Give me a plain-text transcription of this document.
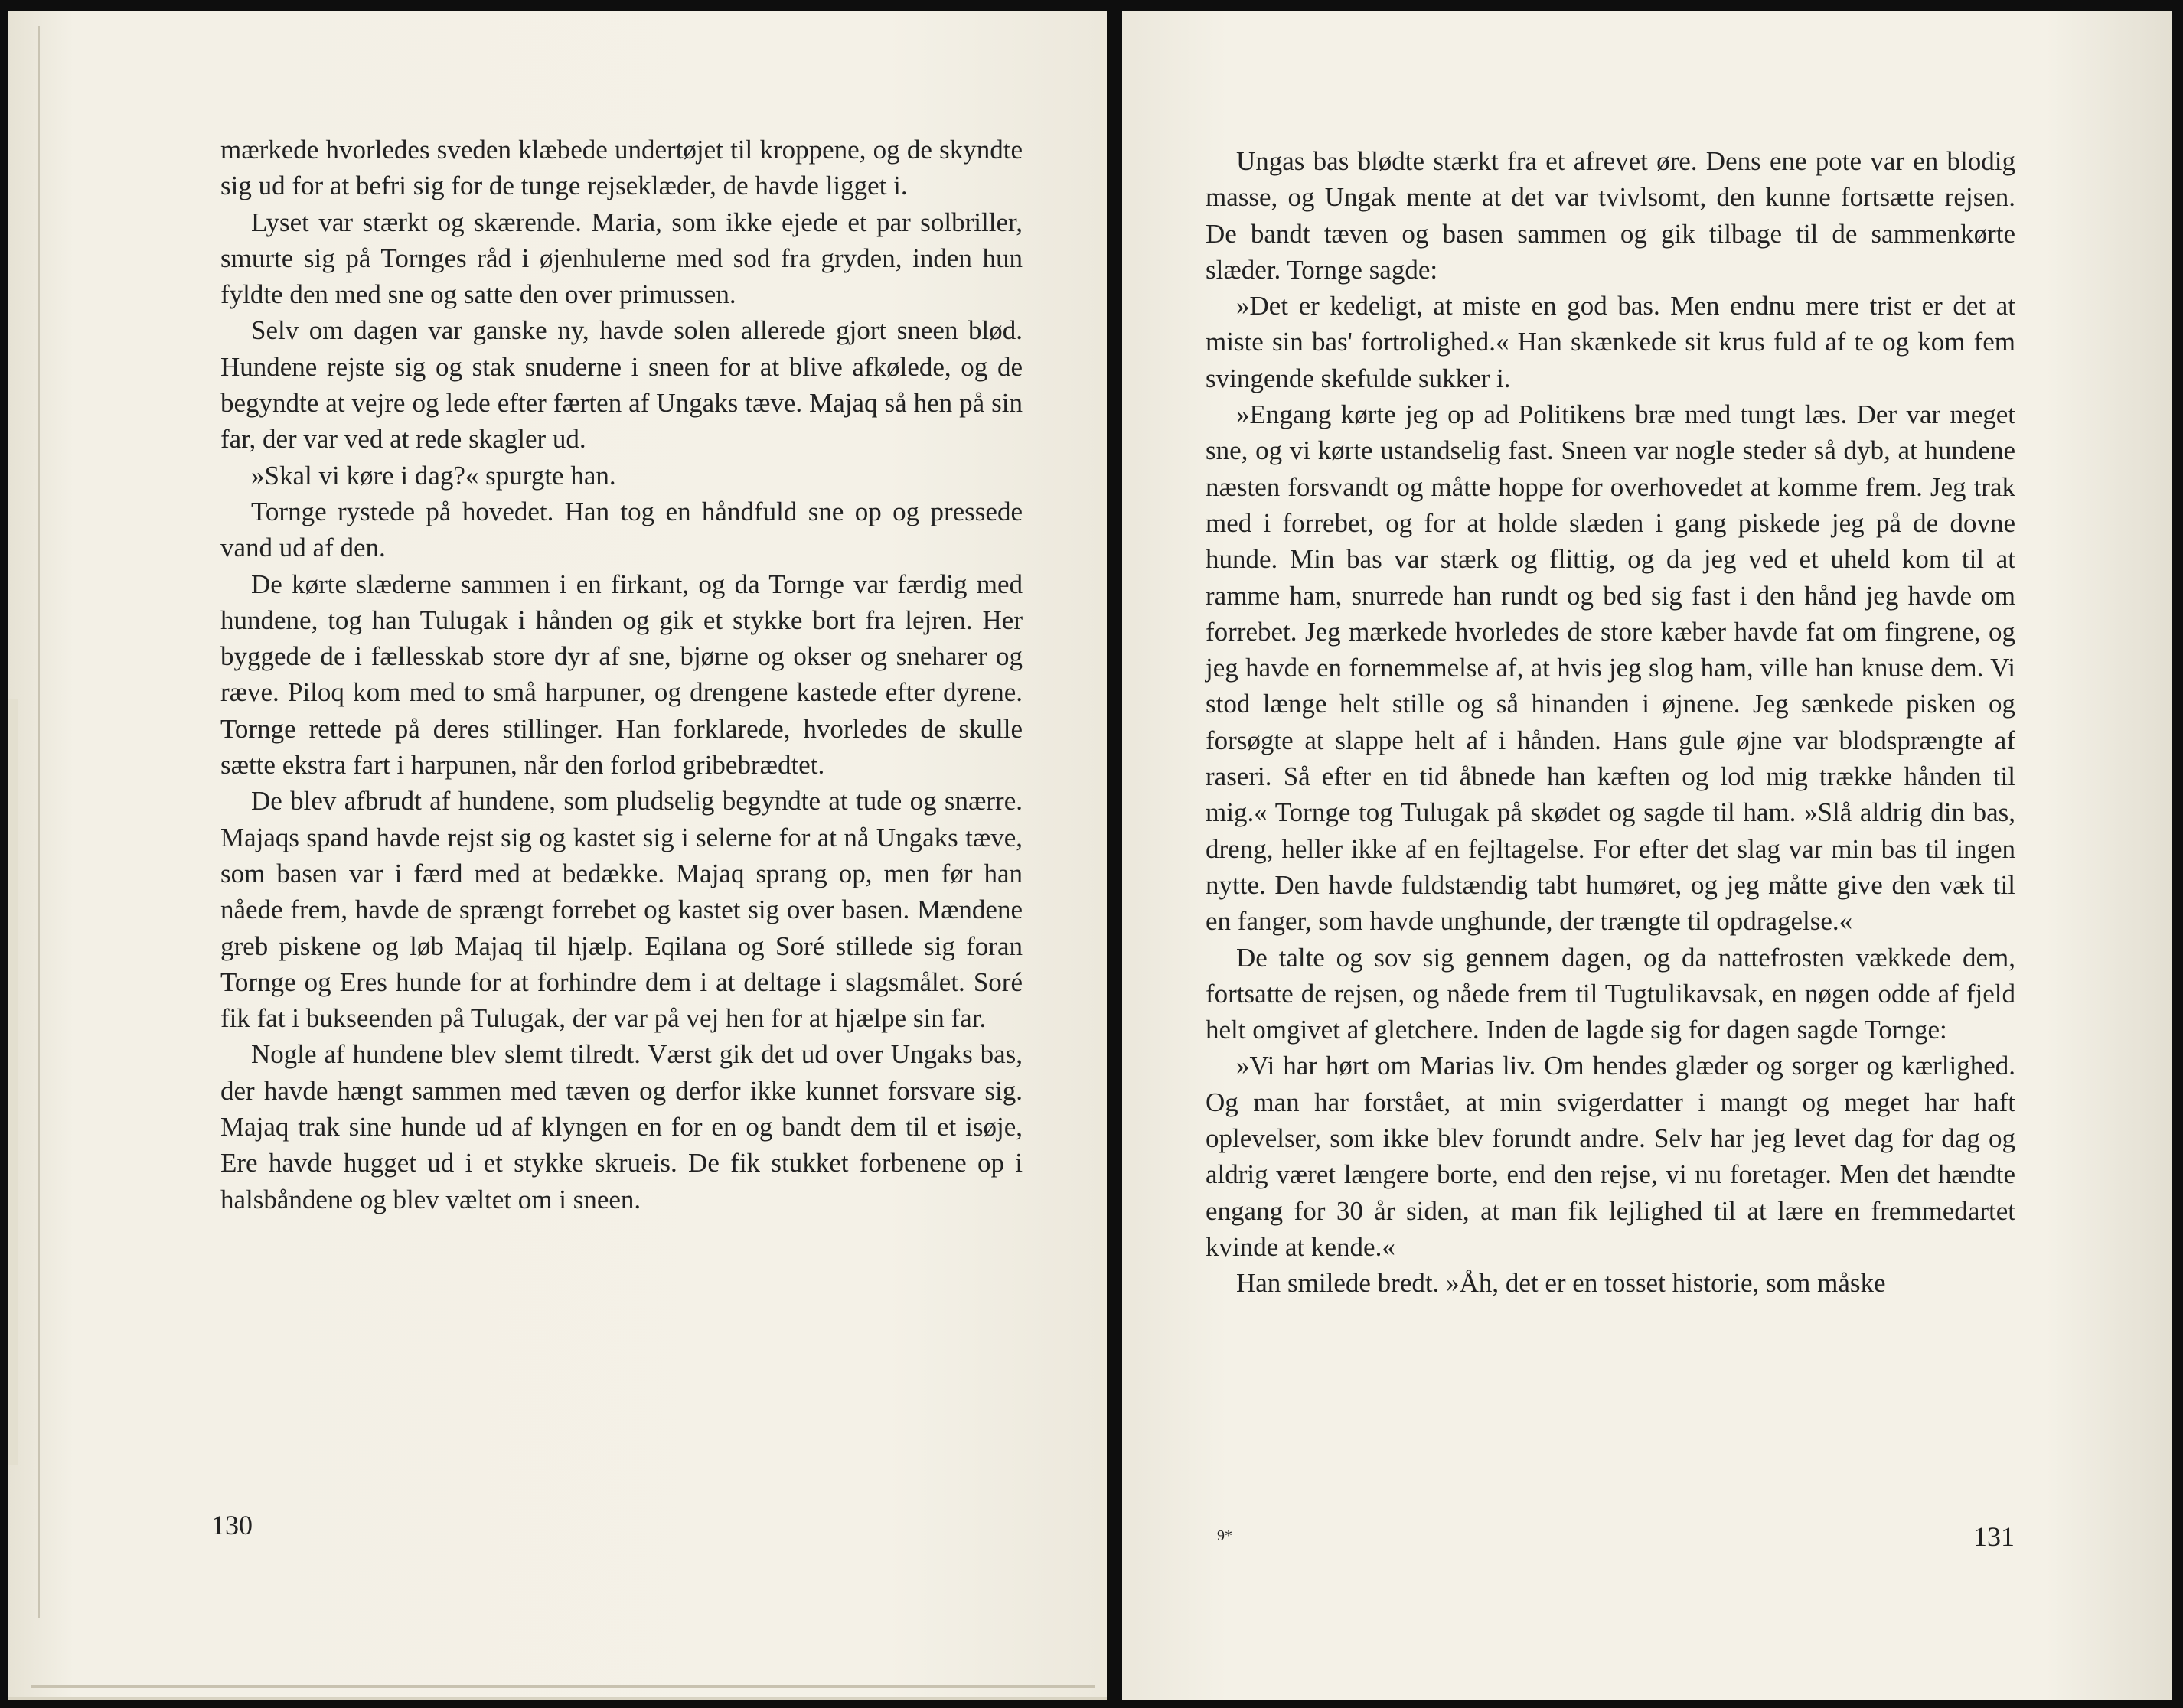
mærkede hvorledes sveden klæbede undertøjet til kroppene, og de skyndte sig ud for at befri sig for de tunge rejseklæder, de havde ligget i.

Lyset var stærkt og skærende. Maria, som ikke ejede et par solbriller, smurte sig på Tornges råd i øjenhulerne med sod fra gryden, inden hun fyldte den med sne og satte den over primussen.

Selv om dagen var ganske ny, havde solen allerede gjort sneen blød. Hundene rejste sig og stak snuderne i sneen for at blive afkølede, og de begyndte at vejre og lede efter færten af Ungaks tæve. Majaq så hen på sin far, der var ved at rede skagler ud.

»Skal vi køre i dag?« spurgte han.

Tornge rystede på hovedet. Han tog en håndfuld sne op og pressede vand ud af den.

De kørte slæderne sammen i en firkant, og da Tornge var færdig med hundene, tog han Tulugak i hånden og gik et stykke bort fra lejren. Her byggede de i fællesskab store dyr af sne, bjørne og okser og sneharer og ræve. Piloq kom med to små harpuner, og drengene kastede efter dyrene. Tornge rettede på deres stillinger. Han forklarede, hvorledes de skulle sætte ekstra fart i harpunen, når den forlod gribebrædtet.

De blev afbrudt af hundene, som pludselig begyndte at tude og snærre. Majaqs spand havde rejst sig og kastet sig i selerne for at nå Ungaks tæve, som basen var i færd med at bedække. Majaq sprang op, men før han nåede frem, havde de sprængt forrebet og kastet sig over basen. Mændene greb piskene og løb Majaq til hjælp. Eqilana og Soré stillede sig foran Tornge og Eres hunde for at forhindre dem i at deltage i slagsmålet. Soré fik fat i bukseenden på Tulugak, der var på vej hen for at hjælpe sin far.

Nogle af hundene blev slemt tilredt. Værst gik det ud over Ungaks bas, der havde hængt sammen med tæven og derfor ikke kunnet forsvare sig. Majaq trak sine hunde ud af klyngen en for en og bandt dem til et isøje, Ere havde hugget ud i et stykke skrueis. De fik stukket forbenene op i halsbåndene og blev væltet om i sneen.

130

Ungas bas blødte stærkt fra et afrevet øre. Dens ene pote var en blodig masse, og Ungak mente at det var tvivlsomt, den kunne fortsætte rejsen. De bandt tæven og basen sammen og gik tilbage til de sammenkørte slæder. Tornge sagde:

»Det er kedeligt, at miste en god bas. Men endnu mere trist er det at miste sin bas' fortrolighed.« Han skænkede sit krus fuld af te og kom fem svingende skefulde sukker i.

»Engang kørte jeg op ad Politikens bræ med tungt læs. Der var meget sne, og vi kørte ustandselig fast. Sneen var nogle steder så dyb, at hundene næsten forsvandt og måtte hoppe for overhovedet at komme frem. Jeg trak med i forrebet, og for at holde slæden i gang piskede jeg på de dovne hunde. Min bas var stærk og flittig, og da jeg ved et uheld kom til at ramme ham, snurrede han rundt og bed sig fast i den hånd jeg havde om forrebet. Jeg mærkede hvorledes de store kæber havde fat om fingrene, og jeg havde en fornemmelse af, at hvis jeg slog ham, ville han knuse dem. Vi stod længe helt stille og så hinanden i øjnene. Jeg sænkede pisken og forsøgte at slappe helt af i hånden. Hans gule øjne var blodsprængte af raseri. Så efter en tid åbnede han kæften og lod mig trække hånden til mig.« Tornge tog Tulugak på skødet og sagde til ham. »Slå aldrig din bas, dreng, heller ikke af en fejltagelse. For efter det slag var min bas til ingen nytte. Den havde fuldstændig tabt humøret, og jeg måtte give den væk til en fanger, som havde unghunde, der trængte til opdragelse.«

De talte og sov sig gennem dagen, og da nattefrosten vækkede dem, fortsatte de rejsen, og nåede frem til Tugtulikavsak, en nøgen odde af fjeld helt omgivet af gletchere. Inden de lagde sig for dagen sagde Tornge:

»Vi har hørt om Marias liv. Om hendes glæder og sorger og kærlighed. Og man har forstået, at min svigerdatter i mangt og meget har haft oplevelser, som ikke blev forundt andre. Selv har jeg levet dag for dag og aldrig været længere borte, end den rejse, vi nu foretager. Men det hændte engang for 30 år siden, at man fik lejlighed til at lære en fremmedartet kvinde at kende.«

Han smilede bredt. »Åh, det er en tosset historie, som måske

9*	131
